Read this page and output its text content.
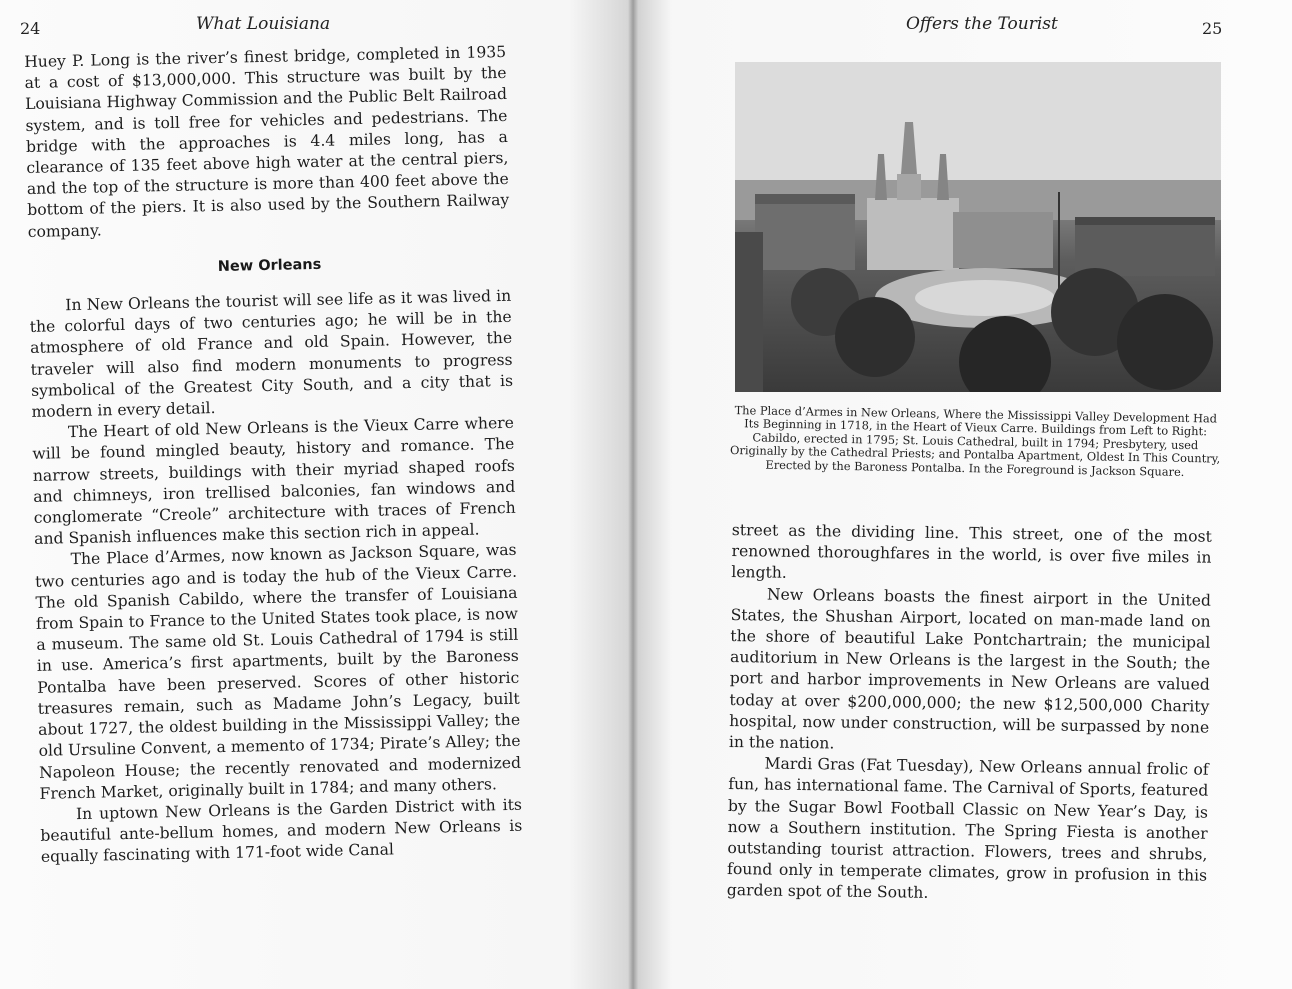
24	What Louisiana

Huey P. Long is the river’s finest bridge, completed in 1935 at a cost of $13,000,000. This structure was built by the Louisiana Highway Commission and the Public Belt Railroad system, and is toll free for vehicles and pedestrians. The bridge with the approaches is 4.4 miles long, has a clearance of 135 feet above high water at the central piers, and the top of the structure is more than 400 feet above the bottom of the piers. It is also used by the Southern Railway company.

New Orleans

In New Orleans the tourist will see life as it was lived in the colorful days of two centuries ago; he will be in the atmosphere of old France and old Spain. However, the traveler will also find modern monuments to progress symbolical of the Greatest City South, and a city that is modern in every detail.

The Heart of old New Orleans is the Vieux Carre where will be found mingled beauty, history and romance. The narrow streets, buildings with their myriad shaped roofs and chimneys, iron trellised balconies, fan windows and conglomerate “Creole” architecture with traces of French and Spanish influences make this section rich in appeal.

The Place d’Armes, now known as Jackson Square, was two centuries ago and is today the hub of the Vieux Carre. The old Spanish Cabildo, where the transfer of Louisiana from Spain to France to the United States took place, is now a museum. The same old St. Louis Cathedral of 1794 is still in use. America’s first apartments, built by the Baroness Pontalba have been preserved. Scores of other historic treasures remain, such as Madame John’s Legacy, built about 1727, the oldest building in the Mississippi Valley; the old Ursuline Convent, a memento of 1734; Pirate’s Alley; the Napoleon House; the recently renovated and modernized French Market, originally built in 1784; and many others.

In uptown New Orleans is the Garden District with its beautiful ante-bellum homes, and modern New Orleans is equally fascinating with 171-foot wide Canal

Offers the Tourist	25
The Place d’Armes in New Orleans, Where the Mississippi Valley Development Had Its Beginning in 1718, in the Heart of Vieux Carre. Buildings from Left to Right: Cabildo, erected in 1795; St. Louis Cathedral, built in 1794; Presbytery, used Originally by the Cathedral Priests; and Pontalba Apartment, Oldest In This Country, Erected by the Baroness Pontalba. In the Foreground is Jackson Square.

street as the dividing line. This street, one of the most renowned thoroughfares in the world, is over five miles in length.

New Orleans boasts the finest airport in the United States, the Shushan Airport, located on man-made land on the shore of beautiful Lake Pontchartrain; the municipal auditorium in New Orleans is the largest in the South; the port and harbor improvements in New Orleans are valued today at over $200,000,000; the new $12,500,000 Charity hospital, now under construction, will be surpassed by none in the nation.

Mardi Gras (Fat Tuesday), New Orleans annual frolic of fun, has international fame. The Carnival of Sports, featured by the Sugar Bowl Football Classic on New Year’s Day, is now a Southern institution. The Spring Fiesta is another outstanding tourist attraction. Flowers, trees and shrubs, found only in temperate climates, grow in profusion in this garden spot of the South.
